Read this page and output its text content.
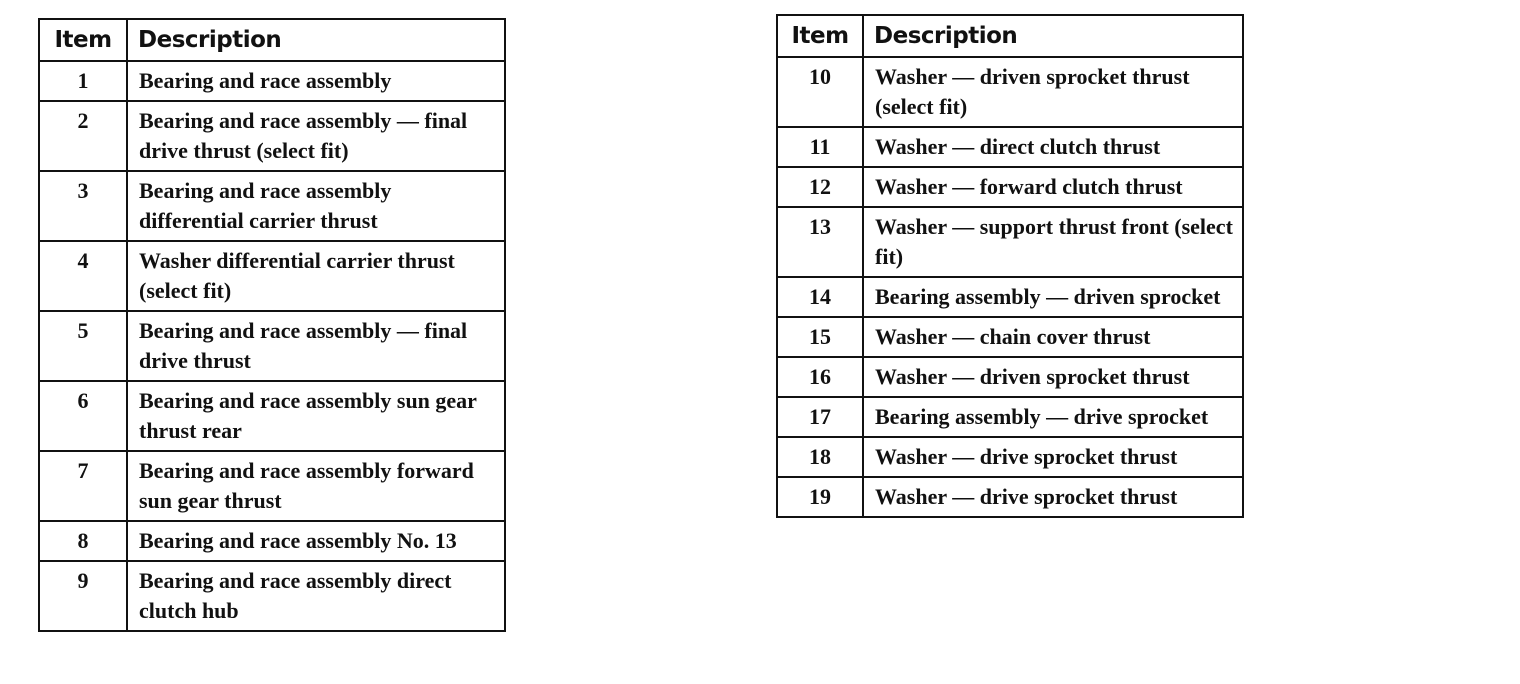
Item	Description
1	Bearing and race assembly
2	Bearing and race assembly — final drive thrust (select fit)
3	Bearing and race assembly differential carrier thrust
4	Washer differential carrier thrust (select fit)
5	Bearing and race assembly — final drive thrust
6	Bearing and race assembly sun gear thrust rear
7	Bearing and race assembly forward sun gear thrust
8	Bearing and race assembly No. 13
9	Bearing and race assembly direct clutch hub
Item	Description
10	Washer — driven sprocket thrust (select fit)
11	Washer — direct clutch thrust
12	Washer — forward clutch thrust
13	Washer — support thrust front (select fit)
14	Bearing assembly — driven sprocket
15	Washer — chain cover thrust
16	Washer — driven sprocket thrust
17	Bearing assembly — drive sprocket
18	Washer — drive sprocket thrust
19	Washer — drive sprocket thrust
